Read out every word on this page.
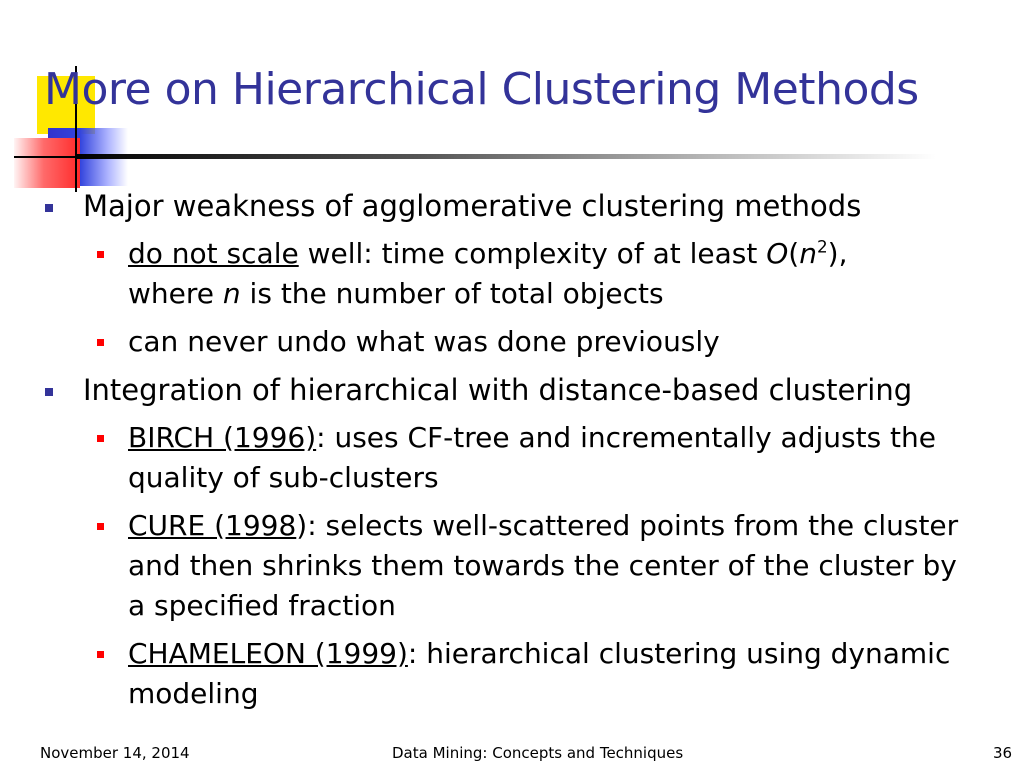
More on Hierarchical Clustering Methods
Major weakness of agglomerative clustering methods
do not scale well: time complexity of at least $O(n^2)$,
where n is the number of total objects
can never undo what was done previously
Integration of hierarchical with distance-based clustering
BIRCH (1996): uses CF-tree and incrementally adjusts the quality of sub-clusters
CURE (1998): selects well-scattered points from the cluster and then shrinks them towards the center of the cluster by a specified fraction
CHAMELEON (1999): hierarchical clustering using dynamic modeling
November 14, 2014	Data Mining: Concepts and Techniques	36
